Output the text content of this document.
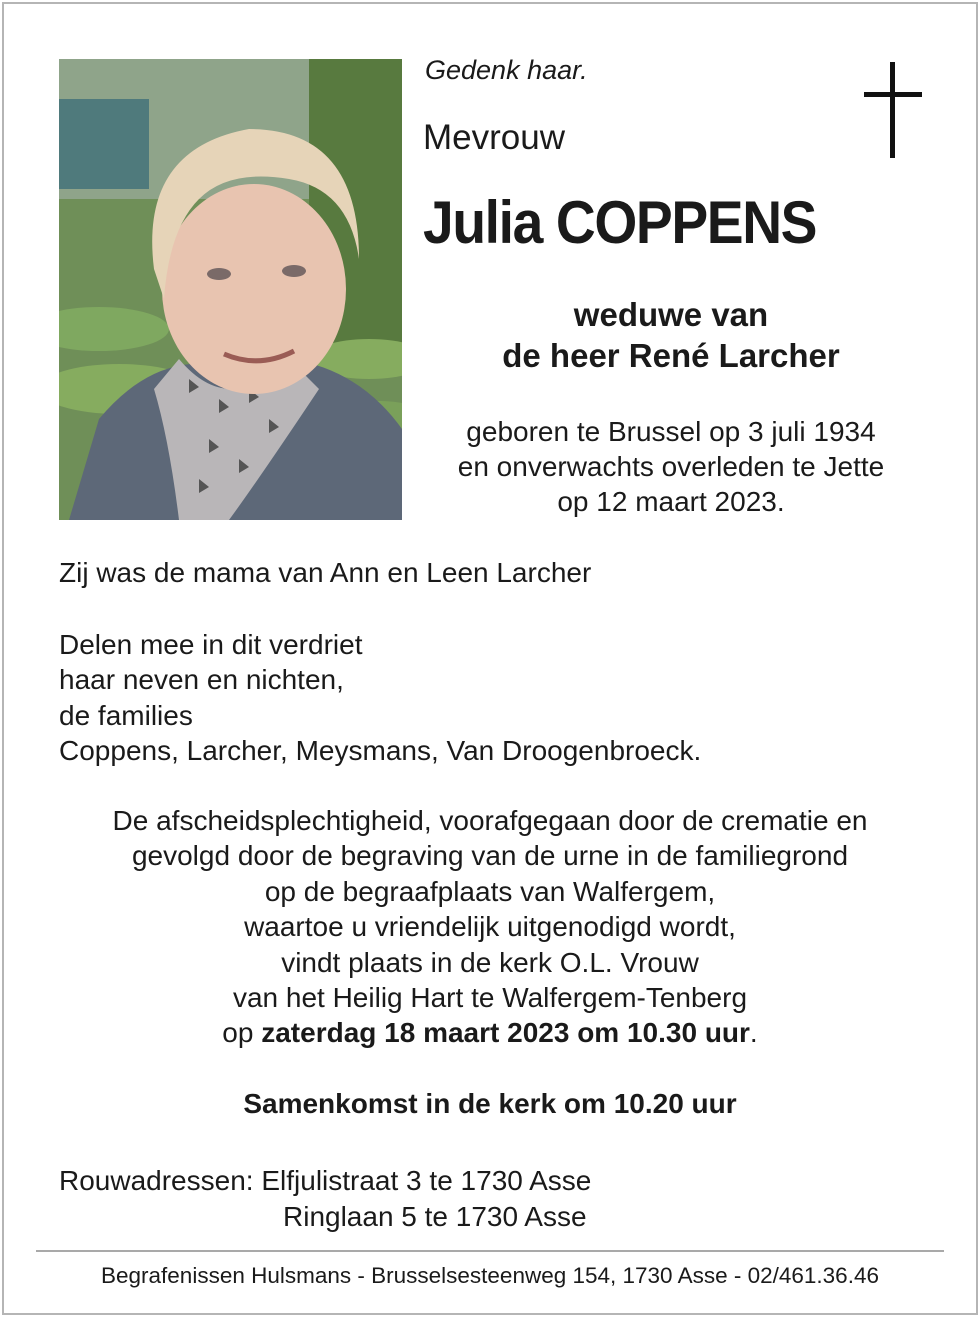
Gedenk haar.
Mevrouw
Julia COPPENS
weduwe van
de heer René Larcher
geboren te Brussel op 3 juli 1934
en onverwachts overleden te Jette
op 12 maart 2023.
Zij was de mama van Ann en Leen Larcher
Delen mee in dit verdriet
haar neven en nichten,
de families
Coppens, Larcher, Meysmans, Van Droogenbroeck.
De afscheidsplechtigheid, voorafgegaan door de crematie en
gevolgd door de begraving van de urne in de familiegrond
op de begraafplaats van Walfergem,
waartoe u vriendelijk uitgenodigd wordt,
vindt plaats in de kerk O.L. Vrouw
van het Heilig Hart te Walfergem-Tenberg
op zaterdag 18 maart 2023 om 10.30 uur.
Samenkomst in de kerk om 10.20 uur
Rouwadressen: Elfjulistraat 3 te 1730 Asse
Ringlaan 5 te 1730 Asse
Begrafenissen Hulsmans - Brusselsesteenweg 154, 1730 Asse - 02/461.36.46
